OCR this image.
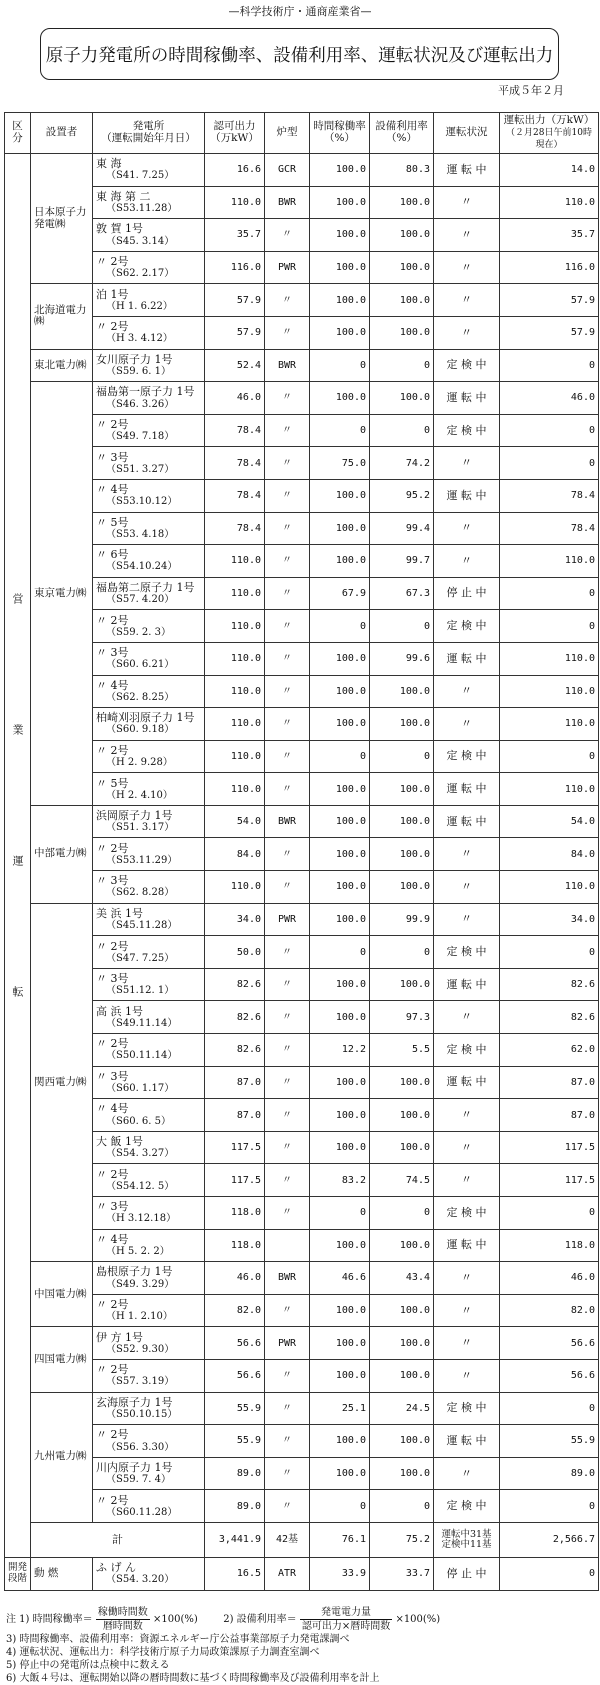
—科学技術庁・通商産業省—
原子力発電所の時間稼働率、設備利用率、運転状況及び運転出力
平成５年２月
区分	設置者	発電所
（運転開始年月日）	認可出力
（万kW）	炉型	時間稼働率
（%）	設備利用率
（%）	運転状況	運転出力（万kW）
（２月28日午前10時現在）

営業運転	日本原子力発電㈱	東 海
（S41. 7.25）	16.6	GCR	100.0	80.3	運 転 中	14.0

		東 海 第 二
（S53.11.28）	110.0	BWR	100.0	100.0	〃	110.0

		敦 賀 1号
（S45. 3.14）	35.7	〃	100.0	100.0	〃	35.7

		〃 2号
（S62. 2.17）	116.0	PWR	100.0	100.0	〃	116.0
	北海道電力㈱	泊 1号
（H 1. 6.22）	57.9	〃	100.0	100.0	〃	57.9

		〃 2号
（H 3. 4.12）	57.9	〃	100.0	100.0	〃	57.9
	東北電力㈱	女川原子力 1号
（S59. 6. 1）	52.4	BWR	0	0	定 検 中	0
	東京電力㈱	福島第一原子力 1号
（S46. 3.26）	46.0	〃	100.0	100.0	運 転 中	46.0

		〃 2号
（S49. 7.18）	78.4	〃	0	0	定 検 中	0

		〃 3号
（S51. 3.27）	78.4	〃	75.0	74.2	〃	0

		〃 4号
（S53.10.12）	78.4	〃	100.0	95.2	運 転 中	78.4

		〃 5号
（S53. 4.18）	78.4	〃	100.0	99.4	〃	78.4

		〃 6号
（S54.10.24）	110.0	〃	100.0	99.7	〃	110.0

		福島第二原子力 1号
（S57. 4.20）	110.0	〃	67.9	67.3	停 止 中	0

		〃 2号
（S59. 2. 3）	110.0	〃	0	0	定 検 中	0

		〃 3号
（S60. 6.21）	110.0	〃	100.0	99.6	運 転 中	110.0

		〃 4号
（S62. 8.25）	110.0	〃	100.0	100.0	〃	110.0

		柏崎刈羽原子力 1号
（S60. 9.18）	110.0	〃	100.0	100.0	〃	110.0

		〃 2号
（H 2. 9.28）	110.0	〃	0	0	定 検 中	0

		〃 5号
（H 2. 4.10）	110.0	〃	100.0	100.0	運 転 中	110.0
	中部電力㈱	浜岡原子力 1号
（S51. 3.17）	54.0	BWR	100.0	100.0	運 転 中	54.0

		〃 2号
（S53.11.29）	84.0	〃	100.0	100.0	〃	84.0

		〃 3号
（S62. 8.28）	110.0	〃	100.0	100.0	〃	110.0
	関西電力㈱	美 浜 1号
（S45.11.28）	34.0	PWR	100.0	99.9	〃	34.0

		〃 2号
（S47. 7.25）	50.0	〃	0	0	定 検 中	0

		〃 3号
（S51.12. 1）	82.6	〃	100.0	100.0	運 転 中	82.6

		高 浜 1号
（S49.11.14）	82.6	〃	100.0	97.3	〃	82.6

		〃 2号
（S50.11.14）	82.6	〃	12.2	5.5	定 検 中	62.0

		〃 3号
（S60. 1.17）	87.0	〃	100.0	100.0	運 転 中	87.0

		〃 4号
（S60. 6. 5）	87.0	〃	100.0	100.0	〃	87.0

		大 飯 1号
（S54. 3.27）	117.5	〃	100.0	100.0	〃	117.5

		〃 2号
（S54.12. 5）	117.5	〃	83.2	74.5	〃	117.5

		〃 3号
（H 3.12.18）	118.0	〃	0	0	定 検 中	0

		〃 4号
（H 5. 2. 2）	118.0		100.0	100.0	運 転 中	118.0
	中国電力㈱	島根原子力 1号
（S49. 3.29）	46.0	BWR	46.6	43.4	〃	46.0

		〃 2号
（H 1. 2.10）	82.0	〃	100.0	100.0	〃	82.0
	四国電力㈱	伊 方 1号
（S52. 9.30）	56.6	PWR	100.0	100.0	〃	56.6

		〃 2号
（S57. 3.19）	56.6	〃	100.0	100.0	〃	56.6
	九州電力㈱	玄海原子力 1号
（S50.10.15）	55.9	〃	25.1	24.5	定 検 中	0

		〃 2号
（S56. 3.30）	55.9	〃	100.0	100.0	運 転 中	55.9

		川内原子力 1号
（S59. 7. 4）	89.0	〃	100.0	100.0	〃	89.0

		〃 2号
（S60.11.28）	89.0	〃	0	0	定 検 中	0
	計		3,441.9	42基	76.1	75.2	運転中31基
定検中11基	2,566.7
開発段階	動 燃	ふ げ ん
（S54. 3.20）	16.5	ATR	33.9	33.7	停 止 中	0
注 1) 時間稼働率＝ $\frac{\text{稼働時間数}}{\text{暦時間数}} \times 100(\%)$	2) 設備利用率＝ $\frac{\text{発電電力量}}{\text{認可出力×暦時間数}} \times 100(\%)$
3) 時間稼働率、設備利用率：資源エネルギー庁公益事業部原子力発電課調べ
4) 運転状況、運転出力：科学技術庁原子力局政策課原子力調査室調べ
5) 停止中の発電所は点検中に数える
6) 大飯４号は、運転開始以降の暦時間数に基づく時間稼働率及び設備利用率を計上
